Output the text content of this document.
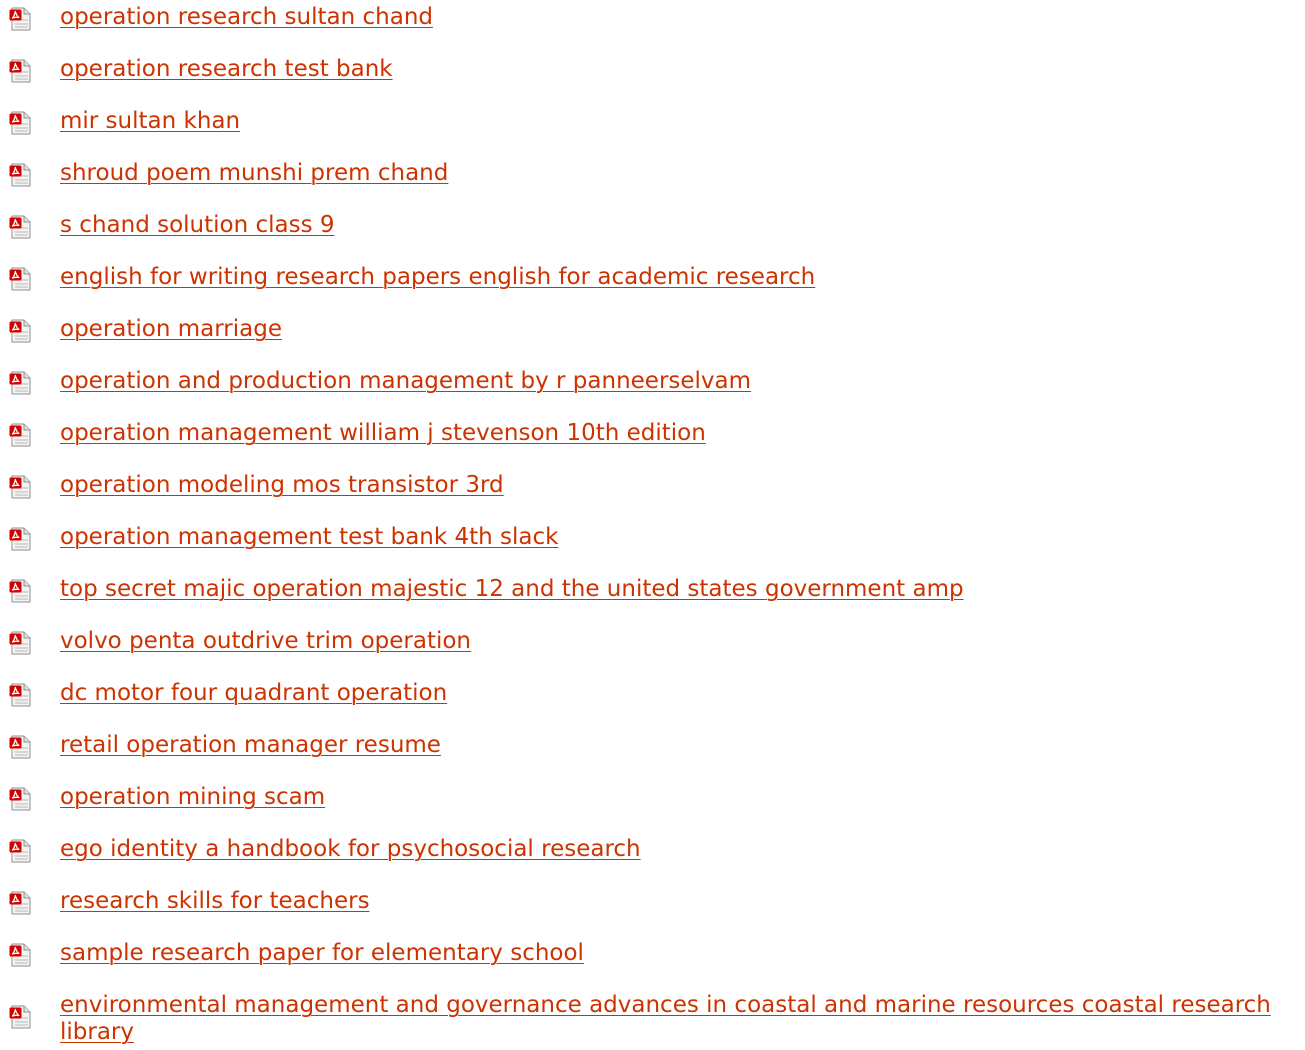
operation research sultan chand
operation research test bank
mir sultan khan
shroud poem munshi prem chand
s chand solution class 9
english for writing research papers english for academic research
operation marriage
operation and production management by r panneerselvam
operation management william j stevenson 10th edition
operation modeling mos transistor 3rd
operation management test bank 4th slack
top secret majic operation majestic 12 and the united states government amp
volvo penta outdrive trim operation
dc motor four quadrant operation
retail operation manager resume
operation mining scam
ego identity a handbook for psychosocial research
research skills for teachers
sample research paper for elementary school
environmental management and governance advances in coastal and marine resources coastal research library
